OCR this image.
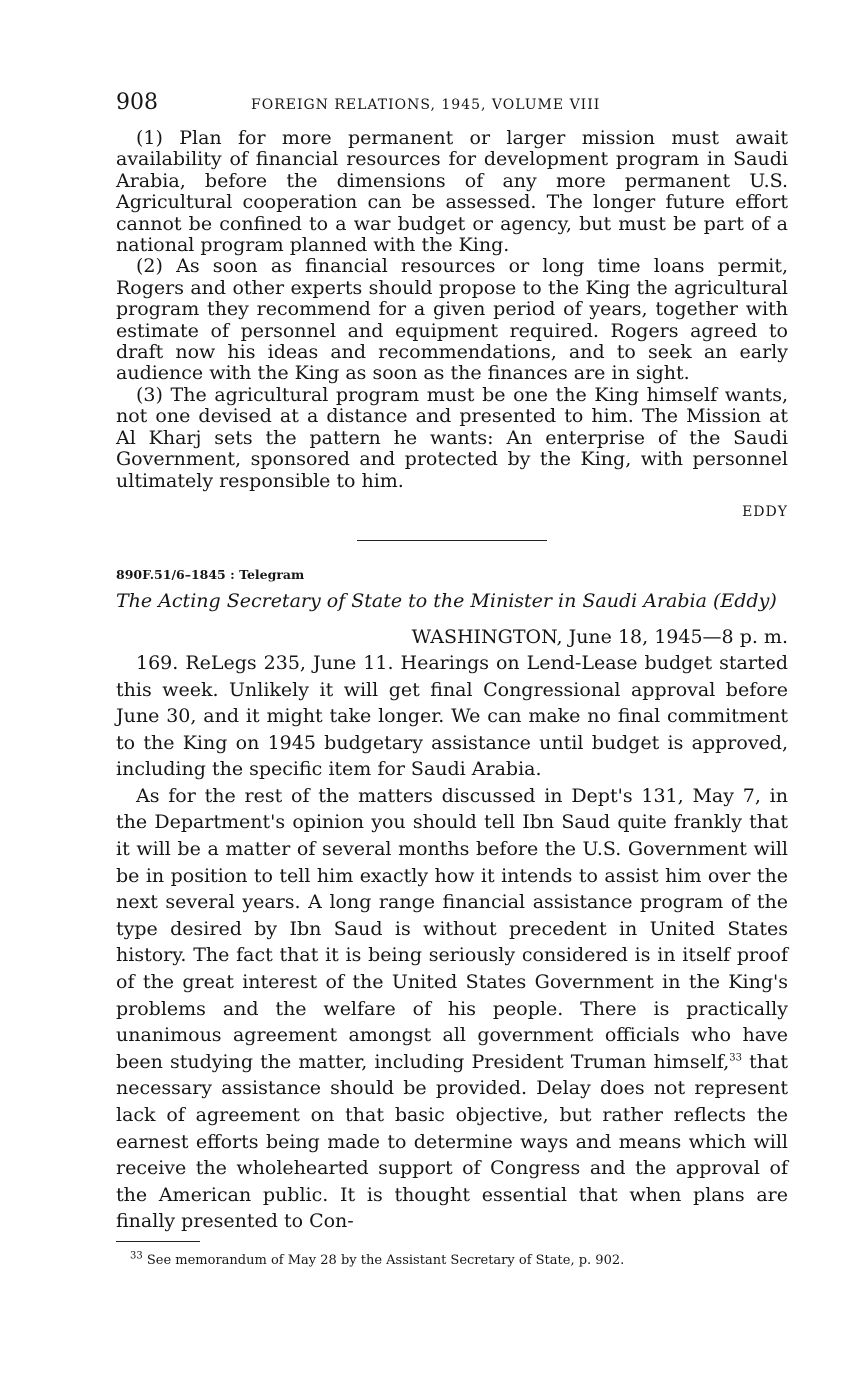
908	FOREIGN RELATIONS, 1945, VOLUME VIII

(1) Plan for more permanent or larger mission must await availability of financial resources for development program in Saudi Arabia, before the dimensions of any more permanent U.S. Agricultural cooperation can be assessed. The longer future effort cannot be confined to a war budget or agency, but must be part of a national program planned with the King.

(2) As soon as financial resources or long time loans permit, Rogers and other experts should propose to the King the agricultural program they recommend for a given period of years, together with estimate of personnel and equipment required. Rogers agreed to draft now his ideas and recommendations, and to seek an early audience with the King as soon as the finances are in sight.

(3) The agricultural program must be one the King himself wants, not one devised at a distance and presented to him. The Mission at Al Kharj sets the pattern he wants: An enterprise of the Saudi Government, sponsored and protected by the King, with personnel ultimately responsible to him.

EDDY
890F.51/6–1845 : Telegram
The Acting Secretary of State to the Minister in Saudi Arabia (Eddy)
WASHINGTON, June 18, 1945—8 p. m.

169. ReLegs 235, June 11. Hearings on Lend-Lease budget started this week. Unlikely it will get final Congressional approval before June 30, and it might take longer. We can make no final commitment to the King on 1945 budgetary assistance until budget is approved, including the specific item for Saudi Arabia.

As for the rest of the matters discussed in Dept's 131, May 7, in the Department's opinion you should tell Ibn Saud quite frankly that it will be a matter of several months before the U.S. Government will be in position to tell him exactly how it intends to assist him over the next several years. A long range financial assistance program of the type desired by Ibn Saud is without precedent in United States history. The fact that it is being seriously considered is in itself proof of the great interest of the United States Government in the King's problems and the welfare of his people. There is practically unanimous agreement amongst all government officials who have been studying the matter, including President Truman himself,$^{33}$ that necessary assistance should be provided. Delay does not represent lack of agreement on that basic objective, but rather reflects the earnest efforts being made to determine ways and means which will receive the wholehearted support of Congress and the approval of the American public. It is thought essential that when plans are finally presented to Con-

$^{33}$ See memorandum of May 28 by the Assistant Secretary of State, p. 902.
